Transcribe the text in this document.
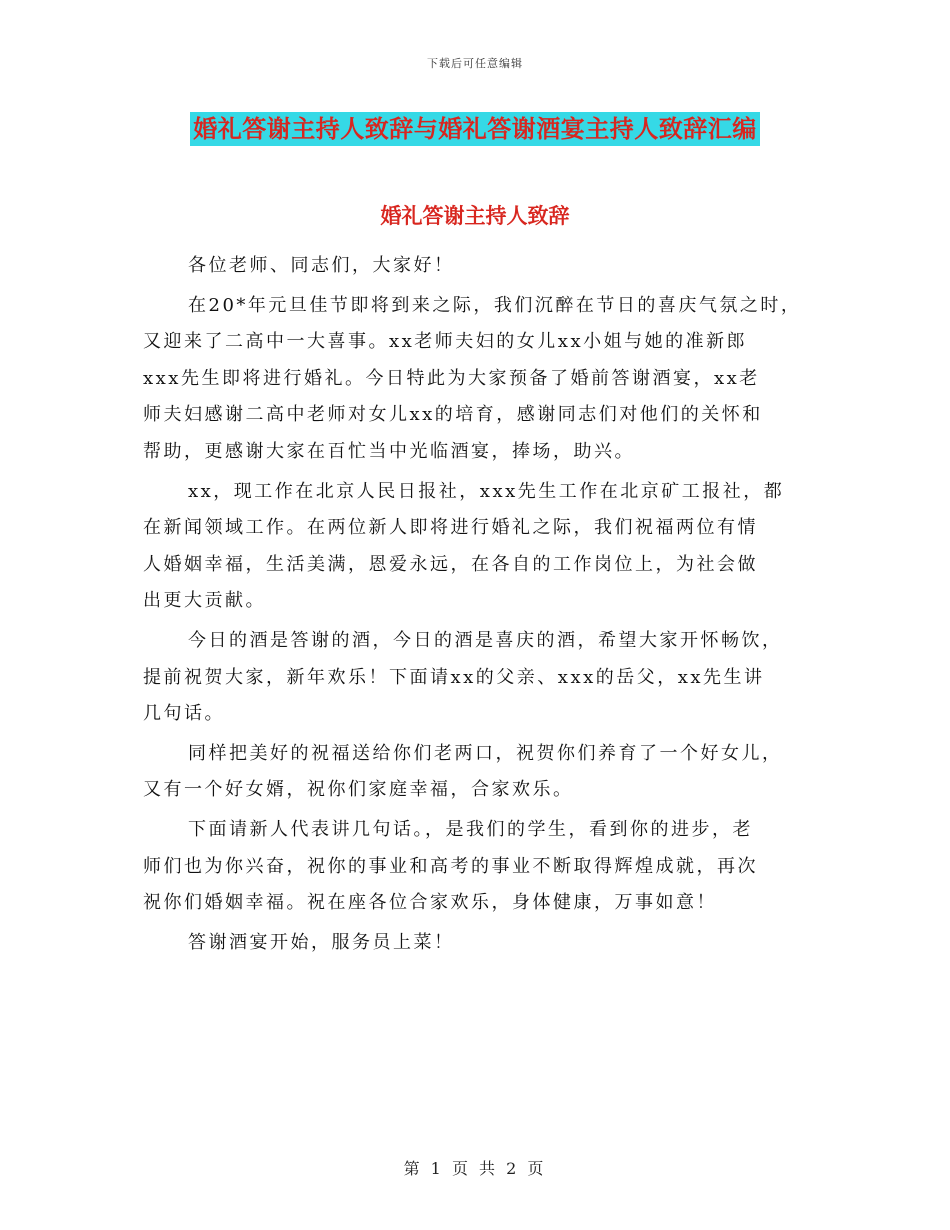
下载后可任意编辑
婚礼答谢主持人致辞与婚礼答谢酒宴主持人致辞汇编
婚礼答谢主持人致辞
各位老师、同志们，大家好！
在20*年元旦佳节即将到来之际，我们沉醉在节日的喜庆气氛之时，
又迎来了二高中一大喜事。xx老师夫妇的女儿xx小姐与她的准新郎
xxx先生即将进行婚礼。今日特此为大家预备了婚前答谢酒宴，xx老
师夫妇感谢二高中老师对女儿xx的培育，感谢同志们对他们的关怀和
帮助，更感谢大家在百忙当中光临酒宴，捧场，助兴。
xx，现工作在北京人民日报社，xxx先生工作在北京矿工报社，都
在新闻领域工作。在两位新人即将进行婚礼之际，我们祝福两位有情
人婚姻幸福，生活美满，恩爱永远，在各自的工作岗位上，为社会做
出更大贡献。
今日的酒是答谢的酒，今日的酒是喜庆的酒，希望大家开怀畅饮，
提前祝贺大家，新年欢乐！下面请xx的父亲、xxx的岳父，xx先生讲
几句话。
同样把美好的祝福送给你们老两口，祝贺你们养育了一个好女儿，
又有一个好女婿，祝你们家庭幸福，合家欢乐。
下面请新人代表讲几句话。，是我们的学生，看到你的进步，老
师们也为你兴奋，祝你的事业和高考的事业不断取得辉煌成就，再次
祝你们婚姻幸福。祝在座各位合家欢乐，身体健康，万事如意！
答谢酒宴开始，服务员上菜！
第 1 页 共 2 页
